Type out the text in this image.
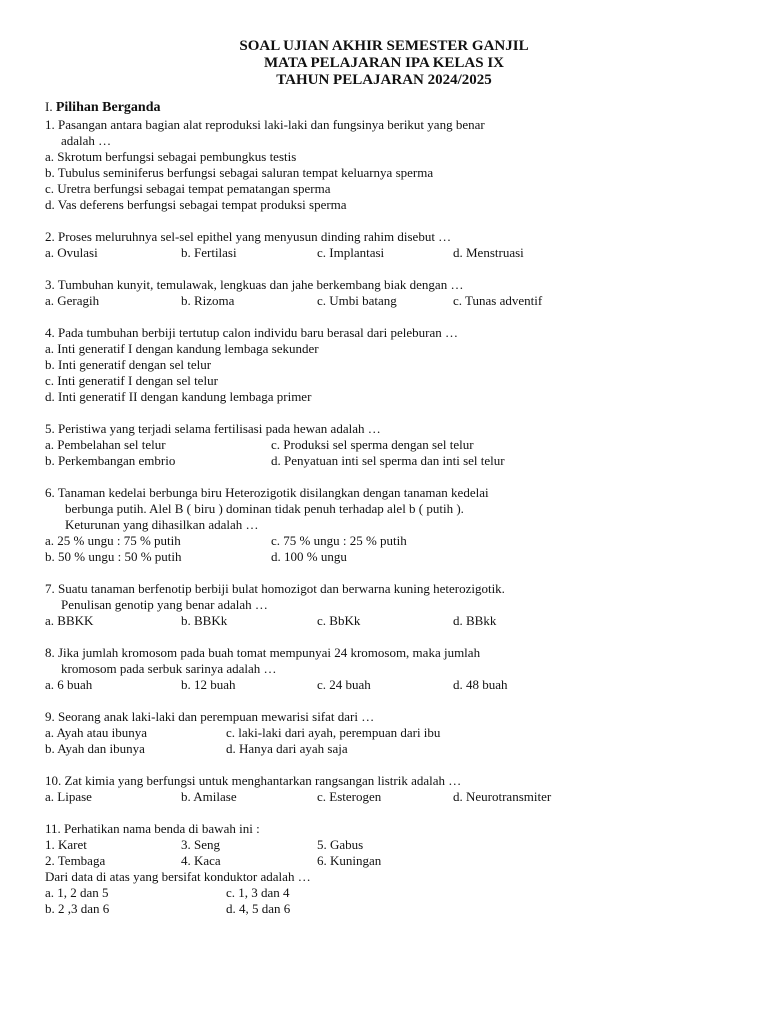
SOAL UJIAN AKHIR SEMESTER GANJIL

MATA PELAJARAN IPA KELAS IX

TAHUN PELAJARAN 2024/2025

I. Pilihan Berganda

1. Pasangan antara bagian alat reproduksi laki-laki dan fungsinya berikut yang benar

adalah …

a. Skrotum berfungsi sebagai pembungkus testis

b. Tubulus seminiferus berfungsi sebagai saluran tempat keluarnya sperma

c. Uretra berfungsi sebagai tempat pematangan sperma

d. Vas deferens berfungsi sebagai tempat produksi sperma

2. Proses meluruhnya sel-sel epithel yang menyusun dinding rahim disebut …

a. Ovulasi	b. Fertilasi	c. Implantasi	d. Menstruasi

3. Tumbuhan kunyit, temulawak, lengkuas dan jahe berkembang biak dengan …

a. Geragih	b. Rizoma	c. Umbi batang	c. Tunas adventif

4. Pada tumbuhan berbiji tertutup calon individu baru berasal dari peleburan …

a. Inti generatif I dengan kandung lembaga sekunder

b. Inti generatif dengan sel telur

c. Inti generatif I dengan sel telur

d. Inti generatif II dengan kandung lembaga primer

5. Peristiwa yang terjadi selama fertilisasi pada hewan adalah …

a. Pembelahan sel telur	c. Produksi sel sperma dengan sel telur
b. Perkembangan embrio	d. Penyatuan inti sel sperma dan inti sel telur

6. Tanaman kedelai berbunga biru Heterozigotik disilangkan dengan tanaman kedelai

berbunga putih. Alel B ( biru ) dominan tidak penuh terhadap alel b ( putih ).

Keturunan yang dihasilkan adalah …

a. 25 % ungu : 75 % putih	c. 75 % ungu : 25 % putih
b. 50 % ungu : 50 % putih	d. 100 % ungu

7. Suatu tanaman berfenotip berbiji bulat homozigot dan berwarna kuning heterozigotik.

Penulisan genotip yang benar adalah …

a. BBKK	b. BBKk	c. BbKk	d. BBkk

8. Jika jumlah kromosom pada buah tomat mempunyai 24 kromosom, maka jumlah

kromosom pada serbuk sarinya adalah …

a. 6 buah	b. 12 buah	c. 24 buah	d. 48 buah

9. Seorang anak laki-laki dan perempuan mewarisi sifat dari …

a. Ayah atau ibunya	c. laki-laki dari ayah, perempuan dari ibu
b. Ayah dan ibunya	d. Hanya dari ayah saja

10. Zat kimia yang berfungsi untuk menghantarkan rangsangan listrik adalah …

a. Lipase	b. Amilase	c. Esterogen	d. Neurotransmiter

11. Perhatikan nama benda di bawah ini :

1. Karet	3. Seng	5. Gabus
2. Tembaga	4. Kaca	6. Kuningan

Dari data di atas yang bersifat konduktor adalah …

a. 1, 2 dan 5	c. 1, 3 dan 4
b. 2 ,3 dan 6	d. 4, 5 dan 6
